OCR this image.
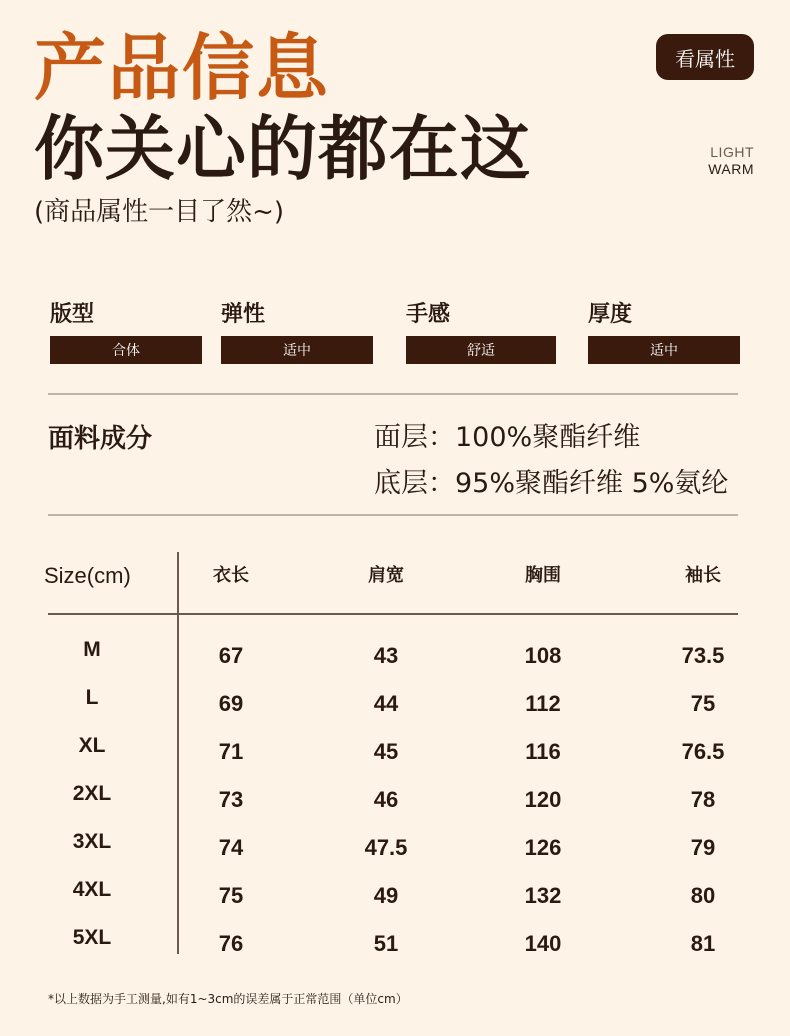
产品信息
你关心的都在这
(商品属性一目了然~)
看属性
LIGHT
WARM
版型
合体
弹性
适中
手感
舒适
厚度
适中
面料成分	面层：100%聚酯纤维
底层：95%聚酯纤维 5%氨纶
Size(cm)	衣长	肩宽	胸围	袖长
M	67	43	108	73.5
L	69	44	112	75
XL	71	45	116	76.5
2XL	73	46	120	78
3XL	74	47.5	126	79
4XL	75	49	132	80
5XL	76	51	140	81
*以上数据为手工测量,如有1~3cm的误差属于正常范围（单位cm）
